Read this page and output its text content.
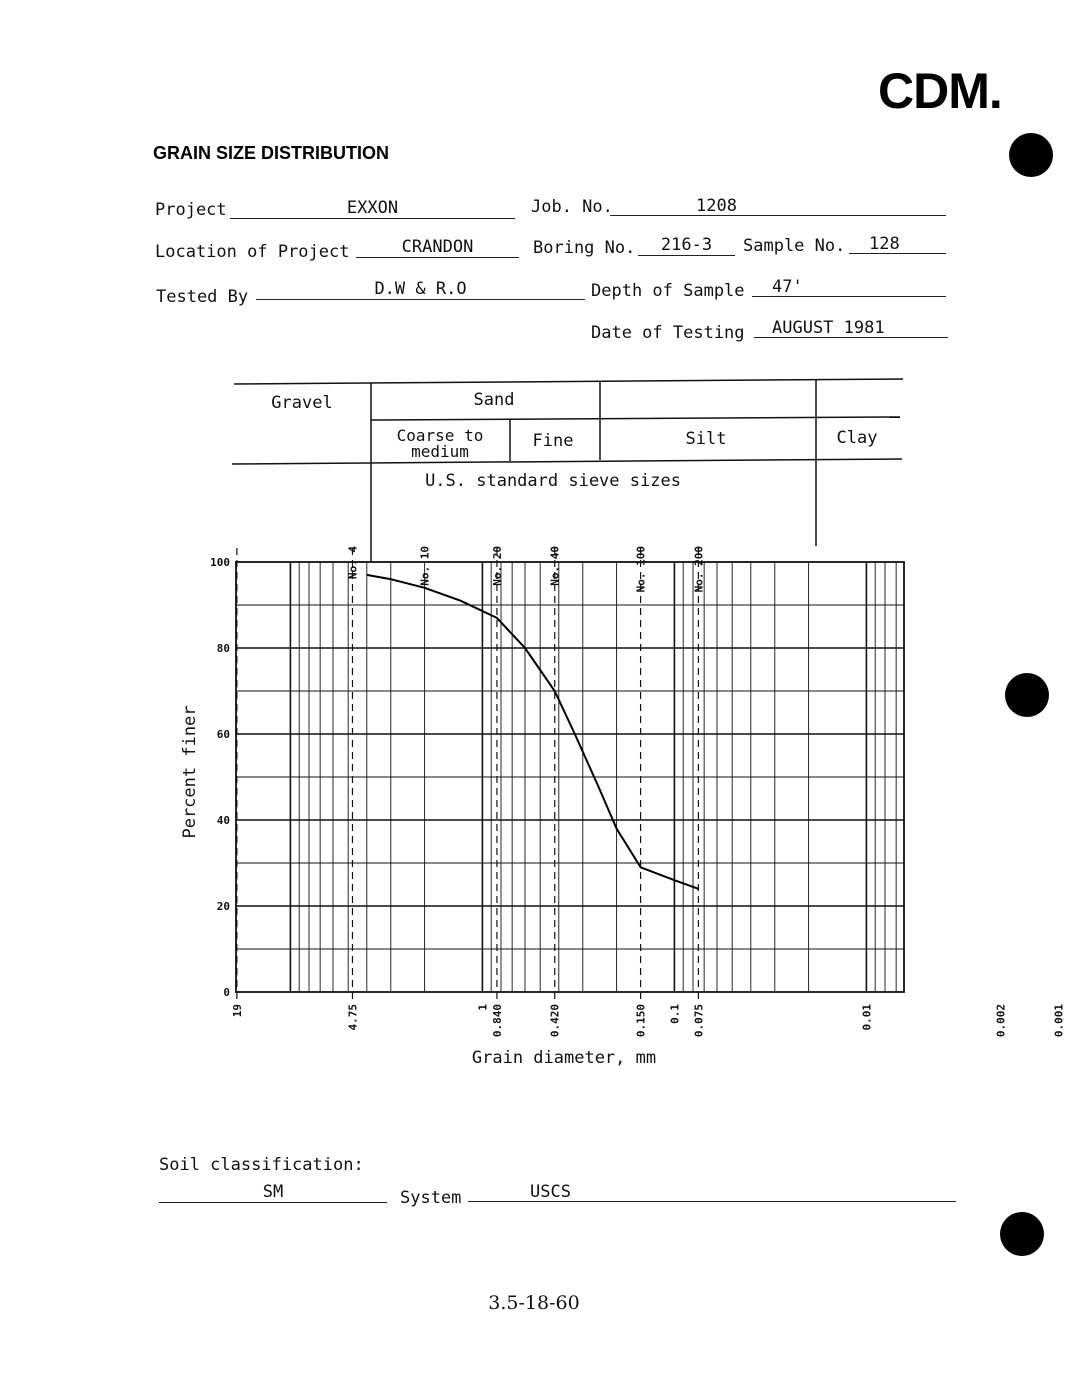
CDM.
GRAIN SIZE DISTRIBUTION
Project	EXXON	Job. No.	1208
Location of Project	CRANDON	Boring No.	216-3	Sample No.	128
Tested By	D.W & R.O	Depth of Sample	47'
Date of Testing	AUGUST 1981
Gravel	Sand
Coarse to
medium
Fine	Silt	Clay
U.S. standard sieve sizes
No. 4	No. 10	No. 20	No. 40	No. 100	No. 200
0
20
40
60
80
100
19	4.75	1 0.840	0.420	0.150 0.1 0.075	0.01	0.002	0.001
Percent finer
Grain diameter, mm
Soil classification:
SM	System	USCS
3.5-18-60
